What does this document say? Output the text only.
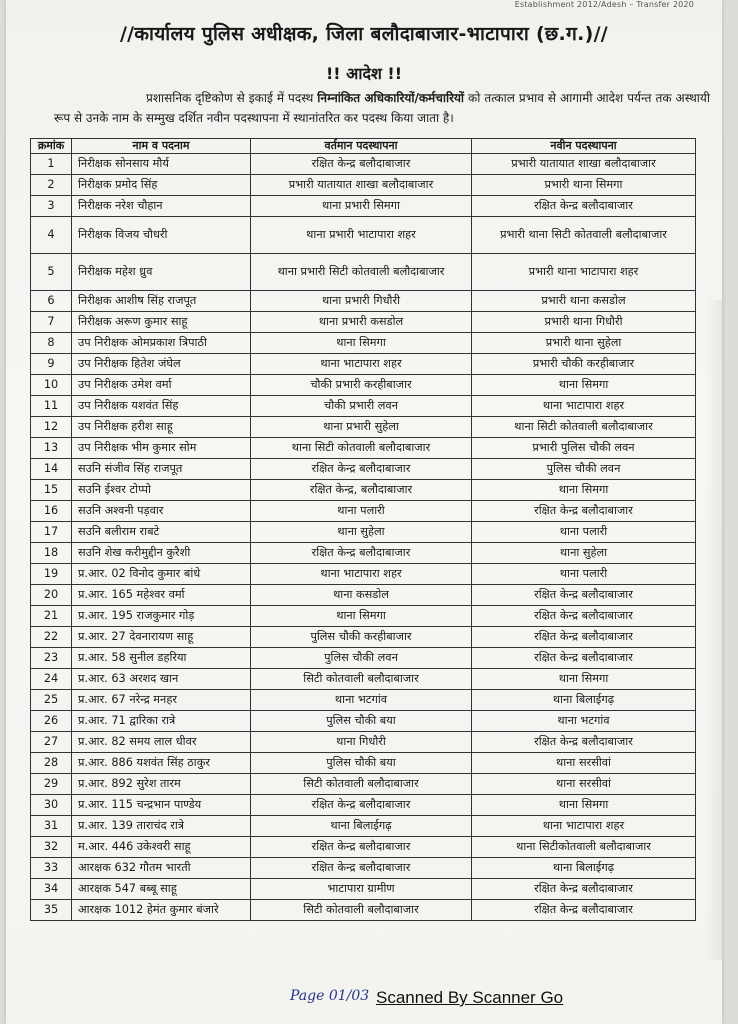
Establishment 2012/Adesh – Transfer 2020
//कार्यालय पुलिस अधीक्षक, जिला बलौदाबाजार-भाटापारा (छ.ग.)//
!! आदेश !!
प्रशासनिक दृष्टिकोण से इकाई में पदस्थ निम्नांकित अधिकारियों/कर्मचारियों को तत्काल प्रभाव से आगामी आदेश पर्यन्त तक अस्थायी रूप से उनके नाम के सम्मुख दर्शित नवीन पदस्थापना में स्थानांतरित कर पदस्थ किया जाता है।
क्रमांक	नाम व पदनाम	वर्तमान पदस्थापना	नवीन पदस्थापना
1	निरीक्षक सोनसाय मौर्य	रक्षित केन्द्र बलौदाबाजार	प्रभारी यातायात शाखा बलौदाबाजार
2	निरीक्षक प्रमोद सिंह	प्रभारी यातायात शाखा बलौदाबाजार	प्रभारी थाना सिमगा
3	निरीक्षक नरेश चौहान	थाना प्रभारी सिमगा	रक्षित केन्द्र बलौदाबाजार
4	निरीक्षक विजय चौधरी	थाना प्रभारी भाटापारा शहर	प्रभारी थाना सिटी कोतवाली बलौदाबाजार
5	निरीक्षक महेश ध्रुव	थाना प्रभारी सिटी कोतवाली बलौदाबाजार	प्रभारी थाना भाटापारा शहर
6	निरीक्षक आशीष सिंह राजपूत	थाना प्रभारी गिधौरी	प्रभारी थाना कसडोल
7	निरीक्षक अरूण कुमार साहू	थाना प्रभारी कसडोल	प्रभारी थाना गिधौरी
8	उप निरीक्षक ओमप्रकाश त्रिपाठी	थाना सिमगा	प्रभारी थाना सुहेला
9	उप निरीक्षक हितेश जंघेल	थाना भाटापारा शहर	प्रभारी चौकी करहीबाजार
10	उप निरीक्षक उमेश वर्मा	चौकी प्रभारी करहीबाजार	थाना सिमगा
11	उप निरीक्षक यशवंत सिंह	चौकी प्रभारी लवन	थाना भाटापारा शहर
12	उप निरीक्षक हरीश साहू	थाना प्रभारी सुहेला	थाना सिटी कोतवाली बलौदाबाजार
13	उप निरीक्षक भीम कुमार सोम	थाना सिटी कोतवाली बलौदाबाजार	प्रभारी पुलिस चौकी लवन
14	सउनि संजीव सिंह राजपूत	रक्षित केन्द्र बलौदाबाजार	पुलिस चौकी लवन
15	सउनि ईश्वर टोप्पो	रक्षित केन्द्र, बलौदाबाजार	थाना सिमगा
16	सउनि अश्वनी पड़वार	थाना पलारी	रक्षित केन्द्र बलौदाबाजार
17	सउनि बलीराम राबटे	थाना सुहेला	थाना पलारी
18	सउनि शेख करीमुद्दीन कुरैशी	रक्षित केन्द्र बलौदाबाजार	थाना सुहेला
19	प्र.आर. 02 विनोद कुमार बांधे	थाना भाटापारा शहर	थाना पलारी
20	प्र.आर. 165 महेश्वर वर्मा	थाना कसडोल	रक्षित केन्द्र बलौदाबाजार
21	प्र.आर. 195 राजकुमार गोड़	थाना सिमगा	रक्षित केन्द्र बलौदाबाजार
22	प्र.आर. 27 देवनारायण साहू	पुलिस चौकी करहीबाजार	रक्षित केन्द्र बलौदाबाजार
23	प्र.आर. 58 सुनील डहरिया	पुलिस चौकी लवन	रक्षित केन्द्र बलौदाबाजार
24	प्र.आर. 63 अरशद खान	सिटी कोतवाली बलौदाबाजार	थाना सिमगा
25	प्र.आर. 67 नरेन्द्र मनहर	थाना भटगांव	थाना बिलाईगढ़
26	प्र.आर. 71 द्वारिका रात्रे	पुलिस चौकी बया	थाना भटगांव
27	प्र.आर. 82 समय लाल धीवर	थाना गिधौरी	रक्षित केन्द्र बलौदाबाजार
28	प्र.आर. 886 यशवंत सिंह ठाकुर	पुलिस चौकी बया	थाना सरसीवां
29	प्र.आर. 892 सुरेश तारम	सिटी कोतवाली बलौदाबाजार	थाना सरसीवां
30	प्र.आर. 115 चन्द्रभान पाण्डेय	रक्षित केन्द्र बलौदाबाजार	थाना सिमगा
31	प्र.आर. 139 ताराचंद रात्रे	थाना बिलाईगढ़	थाना भाटापारा शहर
32	म.आर. 446 उकेश्वरी साहू	रक्षित केन्द्र बलौदाबाजार	थाना सिटीकोतवाली बलौदाबाजार
33	आरक्षक 632 गौतम भारती	रक्षित केन्द्र बलौदाबाजार	थाना बिलाईगढ़
34	आरक्षक 547 बब्बू साहू	भाटापारा ग्रामीण	रक्षित केन्द्र बलौदाबाजार
35	आरक्षक 1012 हेमंत कुमार बंजारे	सिटी कोतवाली बलौदाबाजार	रक्षित केन्द्र बलौदाबाजार
Page 01/03 Scanned By Scanner Go
